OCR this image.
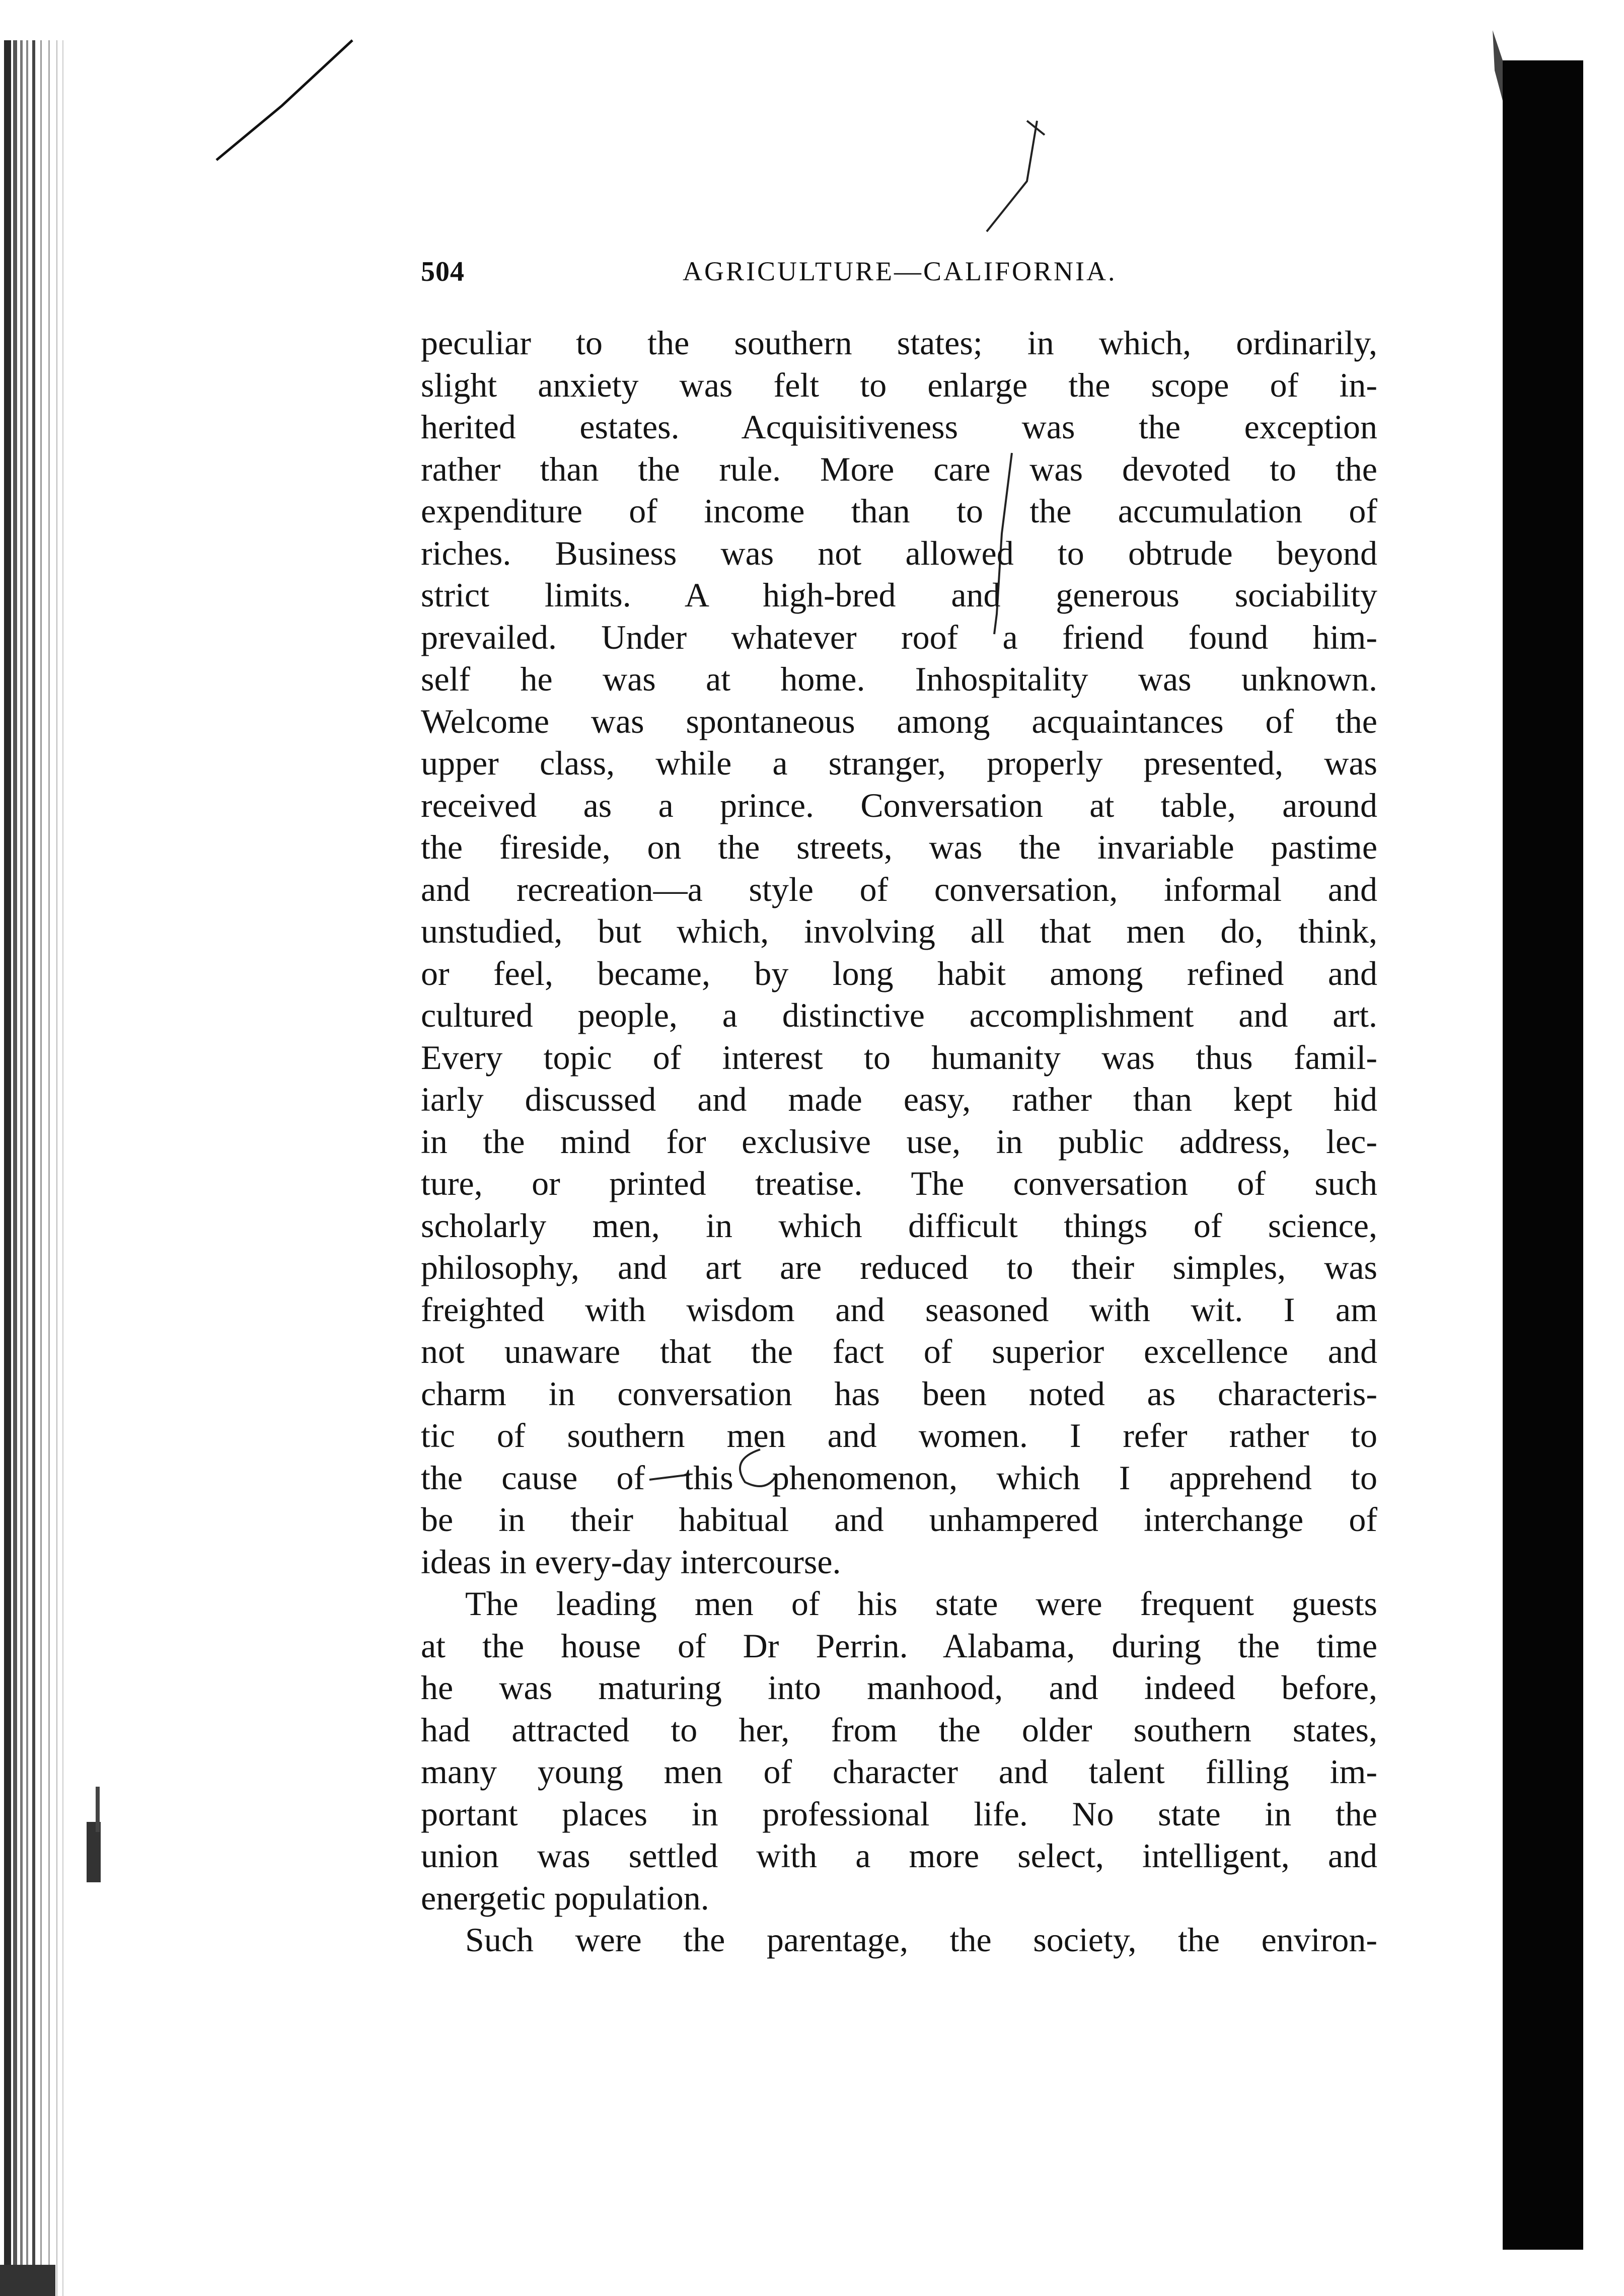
504	AGRICULTURE—CALIFORNIA.
peculiar to the southern states; in which, ordinarily,
slight anxiety was felt to enlarge the scope of in-
herited estates. Acquisitiveness was the exception
rather than the rule. More care was devoted to the
expenditure of income than to the accumulation of
riches. Business was not allowed to obtrude beyond
strict limits. A high-bred and generous sociability
prevailed. Under whatever roof a friend found him-
self he was at home. Inhospitality was unknown.
Welcome was spontaneous among acquaintances of the
upper class, while a stranger, properly presented, was
received as a prince. Conversation at table, around
the fireside, on the streets, was the invariable pastime
and recreation—a style of conversation, informal and
unstudied, but which, involving all that men do, think,
or feel, became, by long habit among refined and
cultured people, a distinctive accomplishment and art.
Every topic of interest to humanity was thus famil-
iarly discussed and made easy, rather than kept hid
in the mind for exclusive use, in public address, lec-
ture, or printed treatise. The conversation of such
scholarly men, in which difficult things of science,
philosophy, and art are reduced to their simples, was
freighted with wisdom and seasoned with wit. I am
not unaware that the fact of superior excellence and
charm in conversation has been noted as characteris-
tic of southern men and women. I refer rather to
the cause of this phenomenon, which I apprehend to
be in their habitual and unhampered interchange of
ideas in every-day intercourse.
The leading men of his state were frequent guests
at the house of Dr Perrin. Alabama, during the time
he was maturing into manhood, and indeed before,
had attracted to her, from the older southern states,
many young men of character and talent filling im-
portant places in professional life. No state in the
union was settled with a more select, intelligent, and
energetic population.
Such were the parentage, the society, the environ-
